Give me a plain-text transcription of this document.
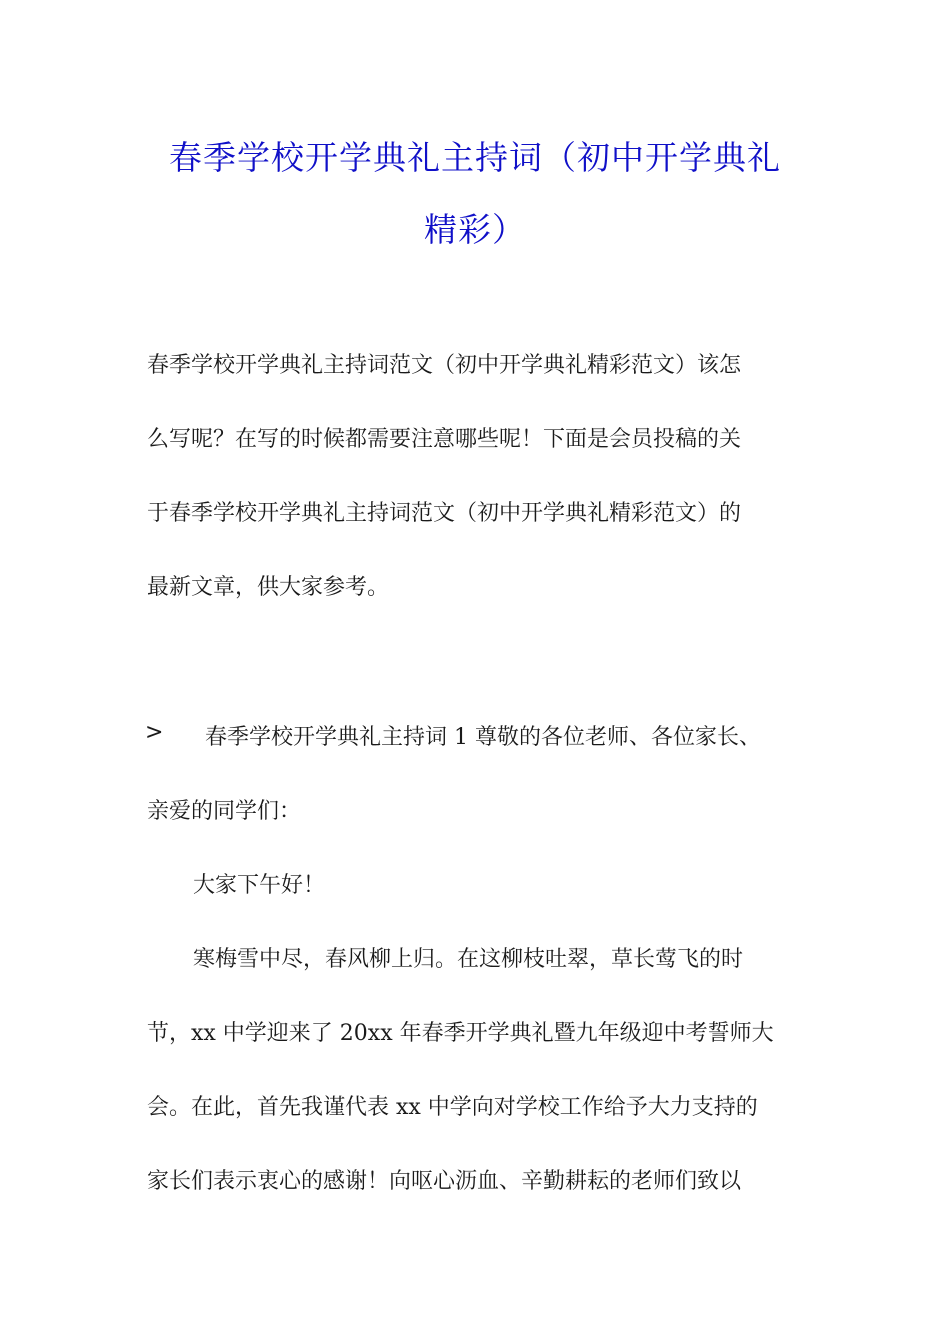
春季学校开学典礼主持词（初中开学典礼
精彩）
春季学校开学典礼主持词范文（初中开学典礼精彩范文）该怎
么写呢？在写的时候都需要注意哪些呢！下面是会员投稿的关
于春季学校开学典礼主持词范文（初中开学典礼精彩范文）的
最新文章，供大家参考。
> 春季学校开学典礼主持词 1 尊敬的各位老师、各位家长、
亲爱的同学们：
大家下午好！
寒梅雪中尽，春风柳上归。在这柳枝吐翠，草长莺飞的时
节，xx 中学迎来了 20xx 年春季开学典礼暨九年级迎中考誓师大
会。在此，首先我谨代表 xx 中学向对学校工作给予大力支持的
家长们表示衷心的感谢！向呕心沥血、辛勤耕耘的老师们致以
